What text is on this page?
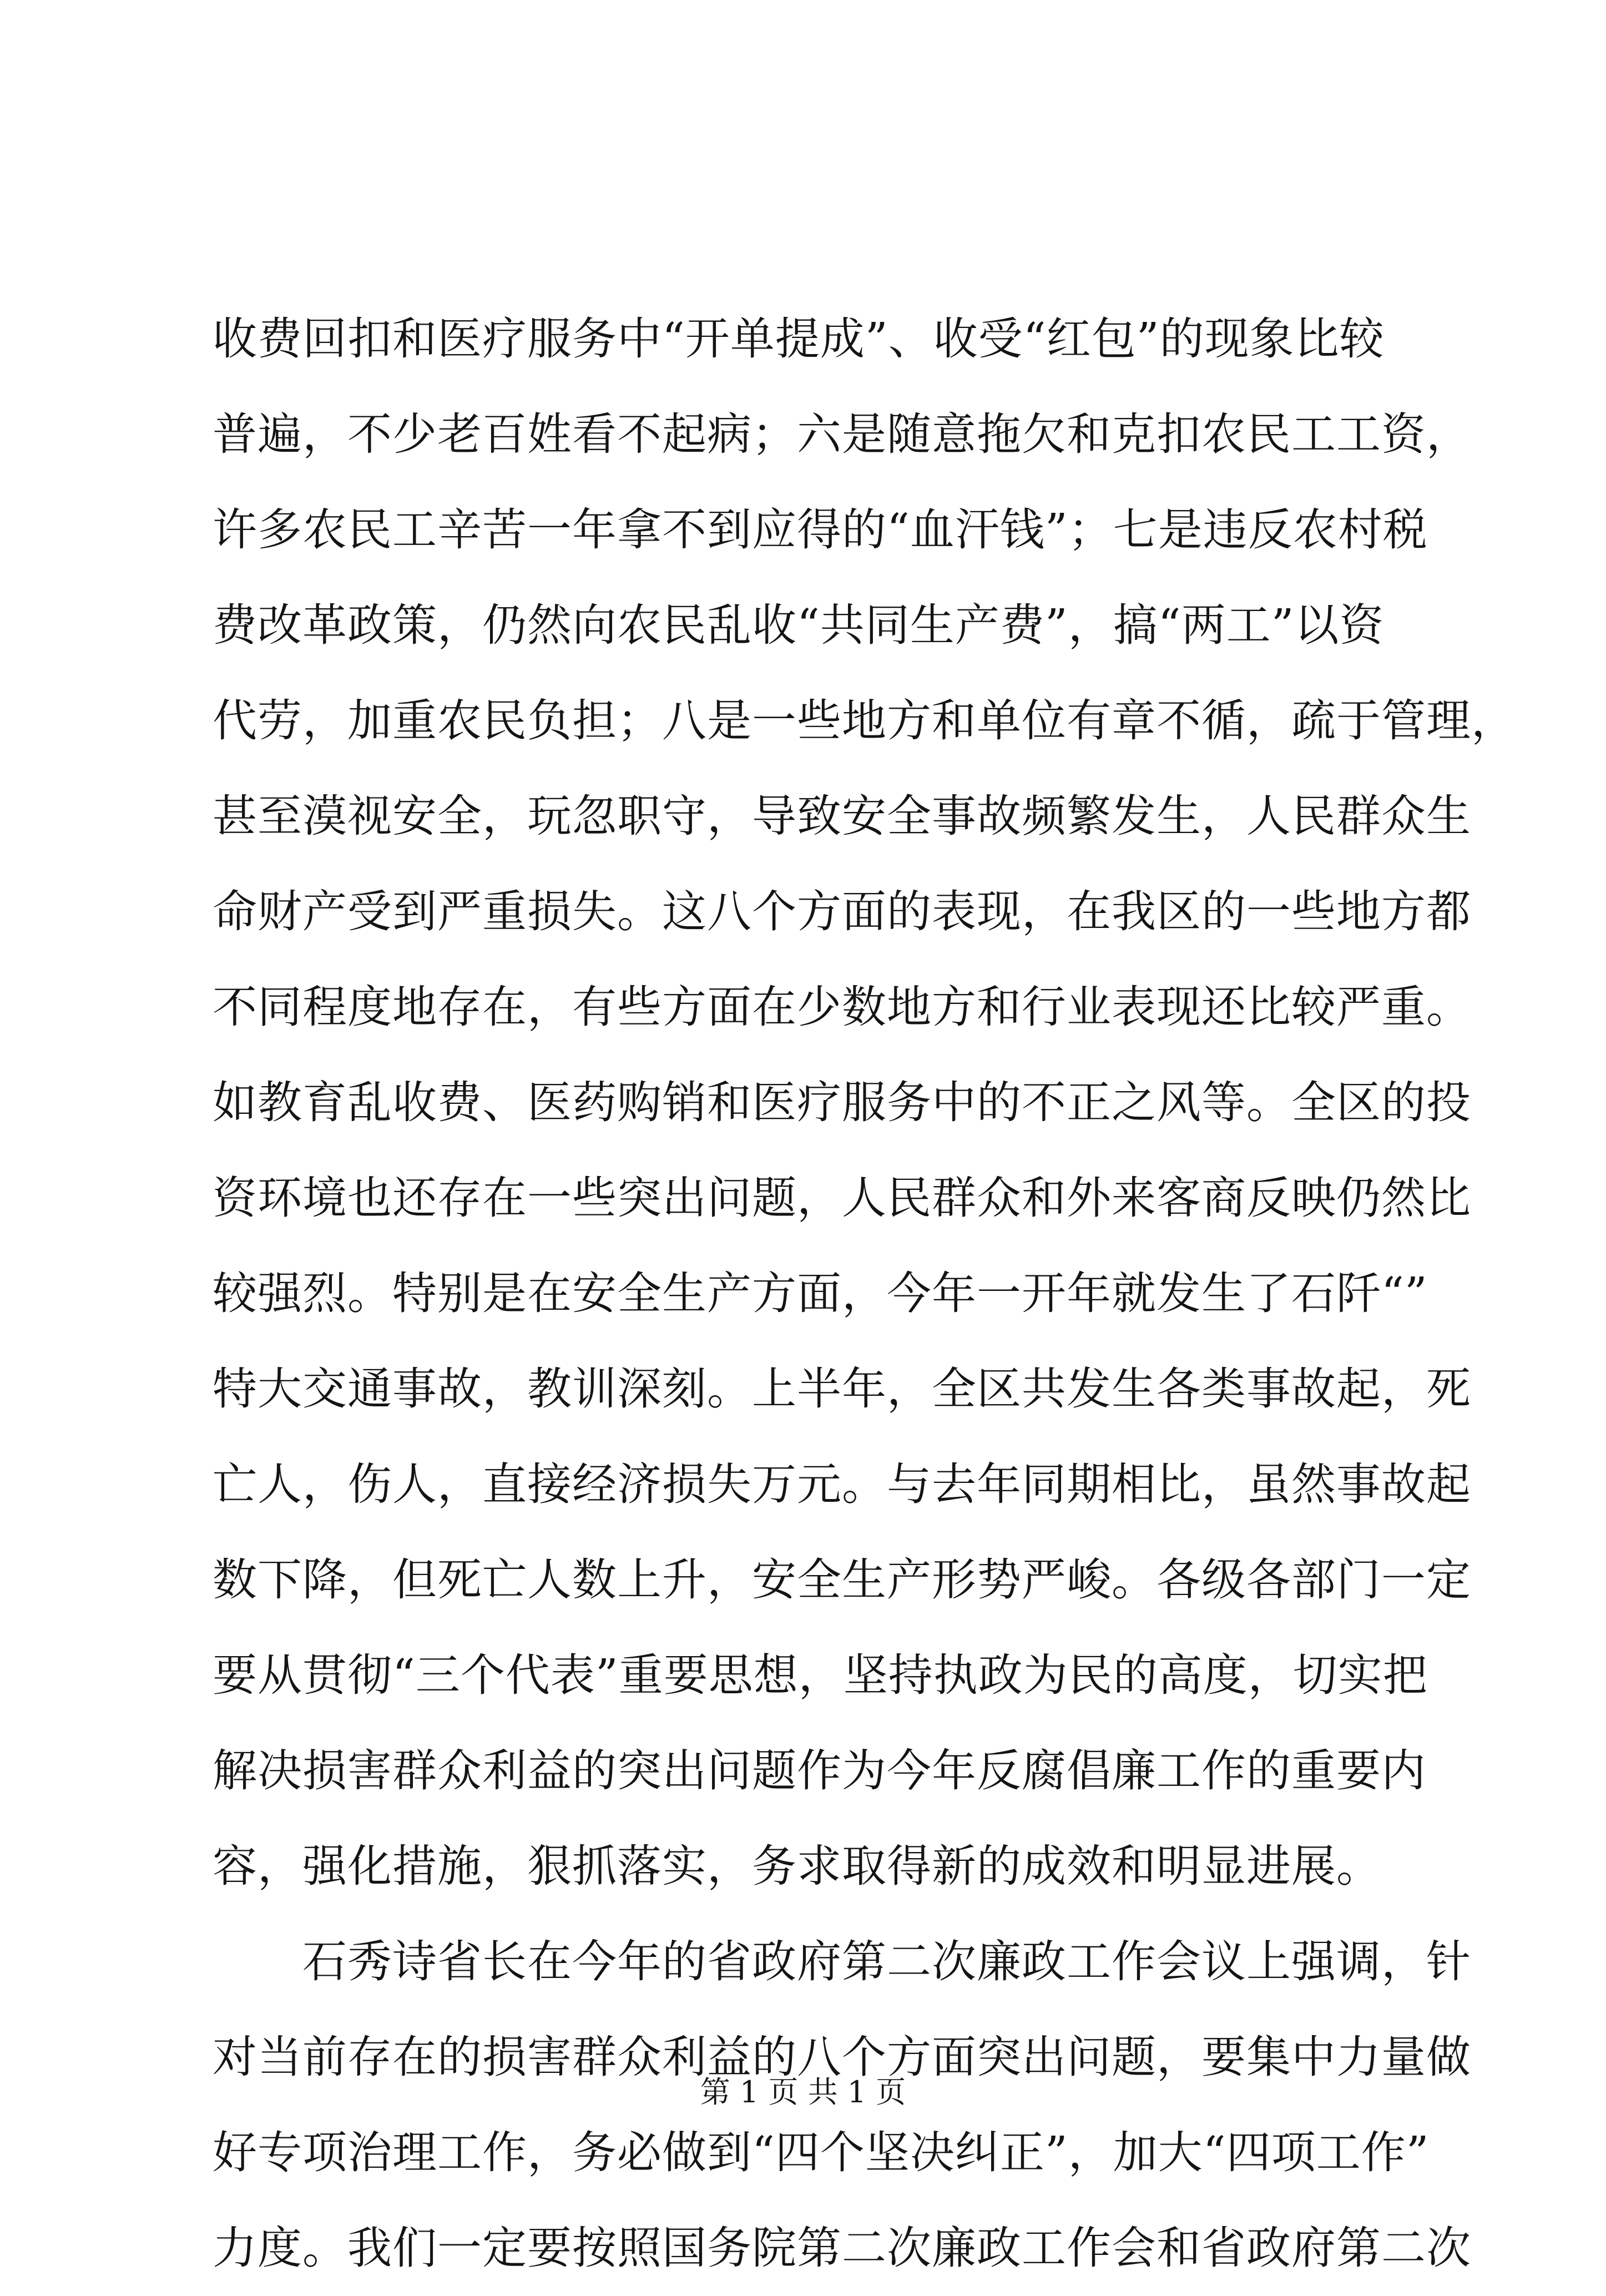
收费回扣和医疗服务中“开单提成”、收受“红包”的现象比较
普遍，不少老百姓看不起病；六是随意拖欠和克扣农民工工资，
许多农民工辛苦一年拿不到应得的“血汗钱”；七是违反农村税
费改革政策，仍然向农民乱收“共同生产费”，搞“两工”以资
代劳，加重农民负担；八是一些地方和单位有章不循，疏于管理，
甚至漠视安全，玩忽职守，导致安全事故频繁发生，人民群众生
命财产受到严重损失。这八个方面的表现，在我区的一些地方都
不同程度地存在，有些方面在少数地方和行业表现还比较严重。
如教育乱收费、医药购销和医疗服务中的不正之风等。全区的投
资环境也还存在一些突出问题，人民群众和外来客商反映仍然比
较强烈。特别是在安全生产方面，今年一开年就发生了石阡“”
特大交通事故，教训深刻。上半年，全区共发生各类事故起，死
亡人，伤人，直接经济损失万元。与去年同期相比，虽然事故起
数下降，但死亡人数上升，安全生产形势严峻。各级各部门一定
要从贯彻“三个代表”重要思想，坚持执政为民的高度，切实把
解决损害群众利益的突出问题作为今年反腐倡廉工作的重要内
容，强化措施，狠抓落实，务求取得新的成效和明显进展。
　　石秀诗省长在今年的省政府第二次廉政工作会议上强调，针
对当前存在的损害群众利益的八个方面突出问题，要集中力量做
好专项治理工作，务必做到“四个坚决纠正”，加大“四项工作”
力度。我们一定要按照国务院第二次廉政工作会和省政府第二次
第 1 页 共 1 页
